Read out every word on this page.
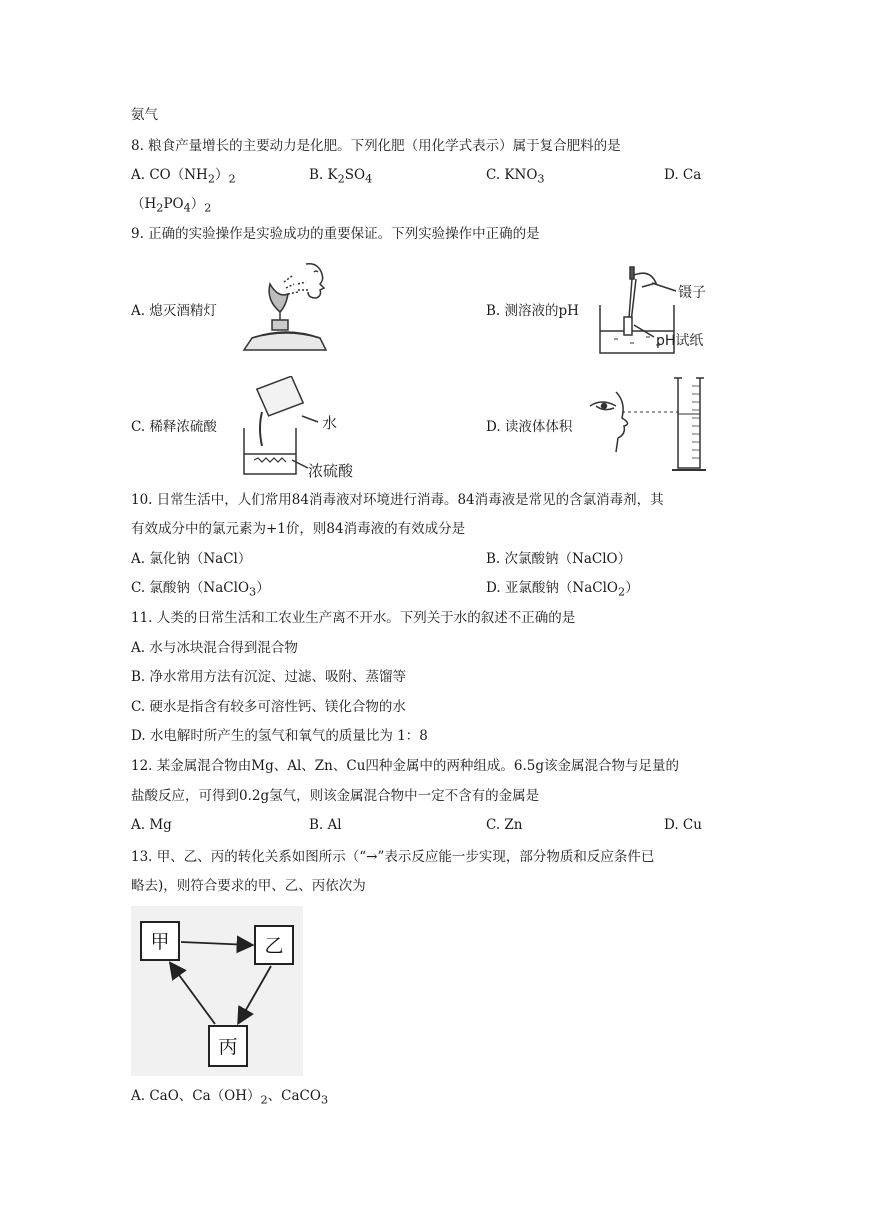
氨气
8. 粮食产量增长的主要动力是化肥。下列化肥（用化学式表示）属于复合肥料的是
A. $CO(NH_2)_2$	B. $K_2SO_4$	C. $KNO_3$	D. Ca
$(H_2PO_4)_2$
9. 正确的实验操作是实验成功的重要保证。下列实验操作中正确的是
A. 熄灭酒精灯	B. 测溶液的pH
C. 稀释浓硫酸	D. 读液体体积
镊子
pH试纸
水
浓硫酸
10. 日常生活中，人们常用84消毒液对环境进行消毒。84消毒液是常见的含氯消毒剂，其
有效成分中的氯元素为+1价，则84消毒液的有效成分是
A. 氯化钠（NaCl）	B. 次氯酸钠（NaClO）
C. 氯酸钠（NaClO$_3$）	D. 亚氯酸钠（NaClO$_2$）
11. 人类的日常生活和工农业生产离不开水。下列关于水的叙述不正确的是
A. 水与冰块混合得到混合物
B. 净水常用方法有沉淀、过滤、吸附、蒸馏等
C. 硬水是指含有较多可溶性钙、镁化合物的水
D. 水电解时所产生的氢气和氧气的质量比为 1：8
12. 某金属混合物由Mg、Al、Zn、Cu四种金属中的两种组成。6.5g该金属混合物与足量的
盐酸反应，可得到0.2g氢气，则该金属混合物中一定不含有的金属是
A. Mg	B. Al	C. Zn	D. Cu
13. 甲、乙、丙的转化关系如图所示（“→”表示反应能一步实现，部分物质和反应条件已
略去)，则符合要求的甲、乙、丙依次为
甲	乙
丙
A. CaO、$Ca(OH)_2$、CaCO$_3$
